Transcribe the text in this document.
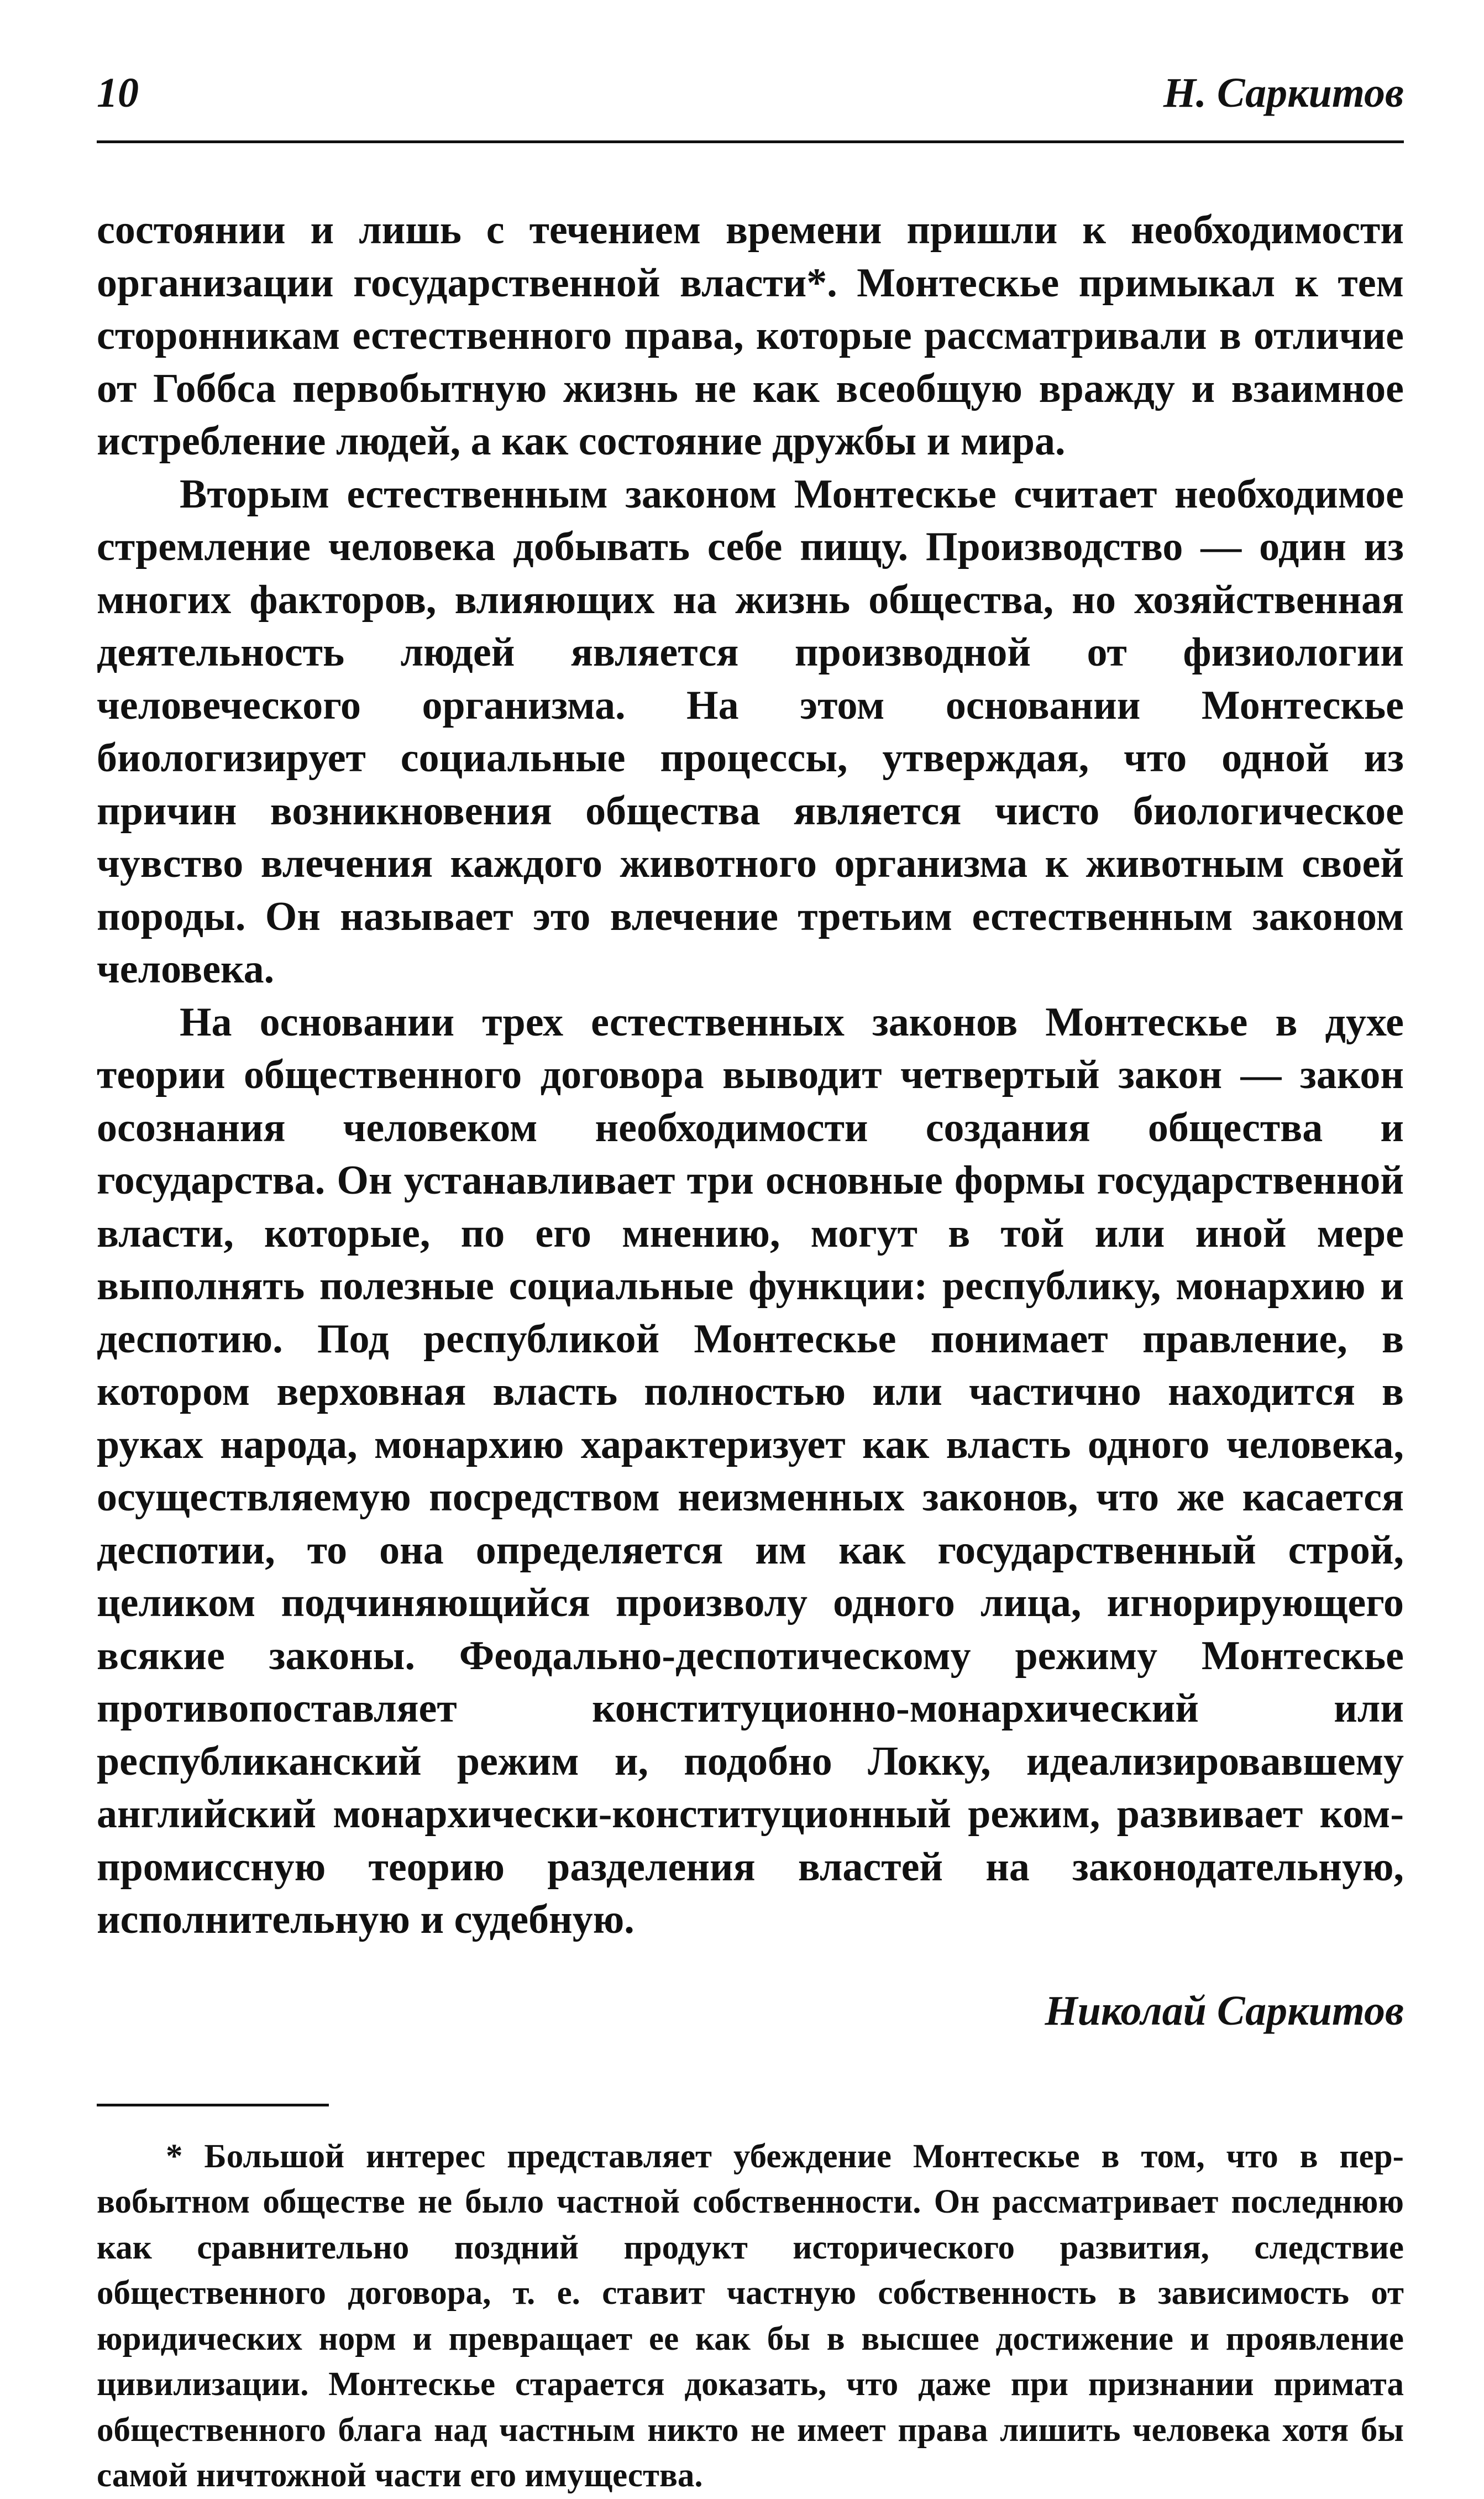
10	Н. Саркитов

состоянии и лишь с течением времени пришли к необходимости организации государственной власти*. Монтескье примыкал к тем сторонникам естественного права, которые рассматривали в отличие от Гоббса первобытную жизнь не как всеобщую вражду и взаимное истребление людей, а как состояние дружбы и мира.

Вторым естественным законом Монтескье считает необходимое стремление человека добывать себе пищу. Производство — один из многих факторов, влияющих на жизнь общества, но хозяйственная деятельность людей является производной от физиологии человеческого организма. На этом основании Монтескье биологизирует социальные процессы, утверждая, что одной из причин возникновения общества является чисто биологическое чувство влечения каждого животного организма к животным своей породы. Он называет это влечение третьим естественным законом человека.

На основании трех естественных законов Монтескье в духе теории общественного договора выводит четвертый закон — закон осознания человеком необходимости создания общества и государства. Он устанавливает три основные формы государственной власти, которые, по его мнению, могут в той или иной мере выполнять полезные социальные функции: республику, монархию и деспотию. Под республикой Монтескье понимает правление, в котором верховная власть полностью или частично находится в руках народа, монархию характеризует как власть одного человека, осуществляемую посредством неизменных законов, что же касается деспотии, то она определяется им как государственный строй, целиком подчиняющийся произволу одного лица, игнорирующего всякие законы. Феодально-деспотическому режиму Монтескье противопоставляет конституционно-монархический или республиканский режим и, подобно Локку, идеализировавшему английский монархически-конституционный режим, развивает компромиссную теорию разделения властей на законодательную, исполнительную и судебную.

Николай Саркитов
* Большой интерес представляет убеждение Монтескье в том, что в первобытном обществе не было частной собственности. Он рассматривает последнюю как сравнительно поздний продукт исторического развития, следствие общественного договора, т. е. ставит частную собственность в зависимость от юридических норм и превращает ее как бы в высшее достижение и проявление цивилизации. Монтескье старается доказать, что даже при признании примата общественного блага над частным никто не имеет права лишить человека хотя бы самой ничтожной части его имущества.
